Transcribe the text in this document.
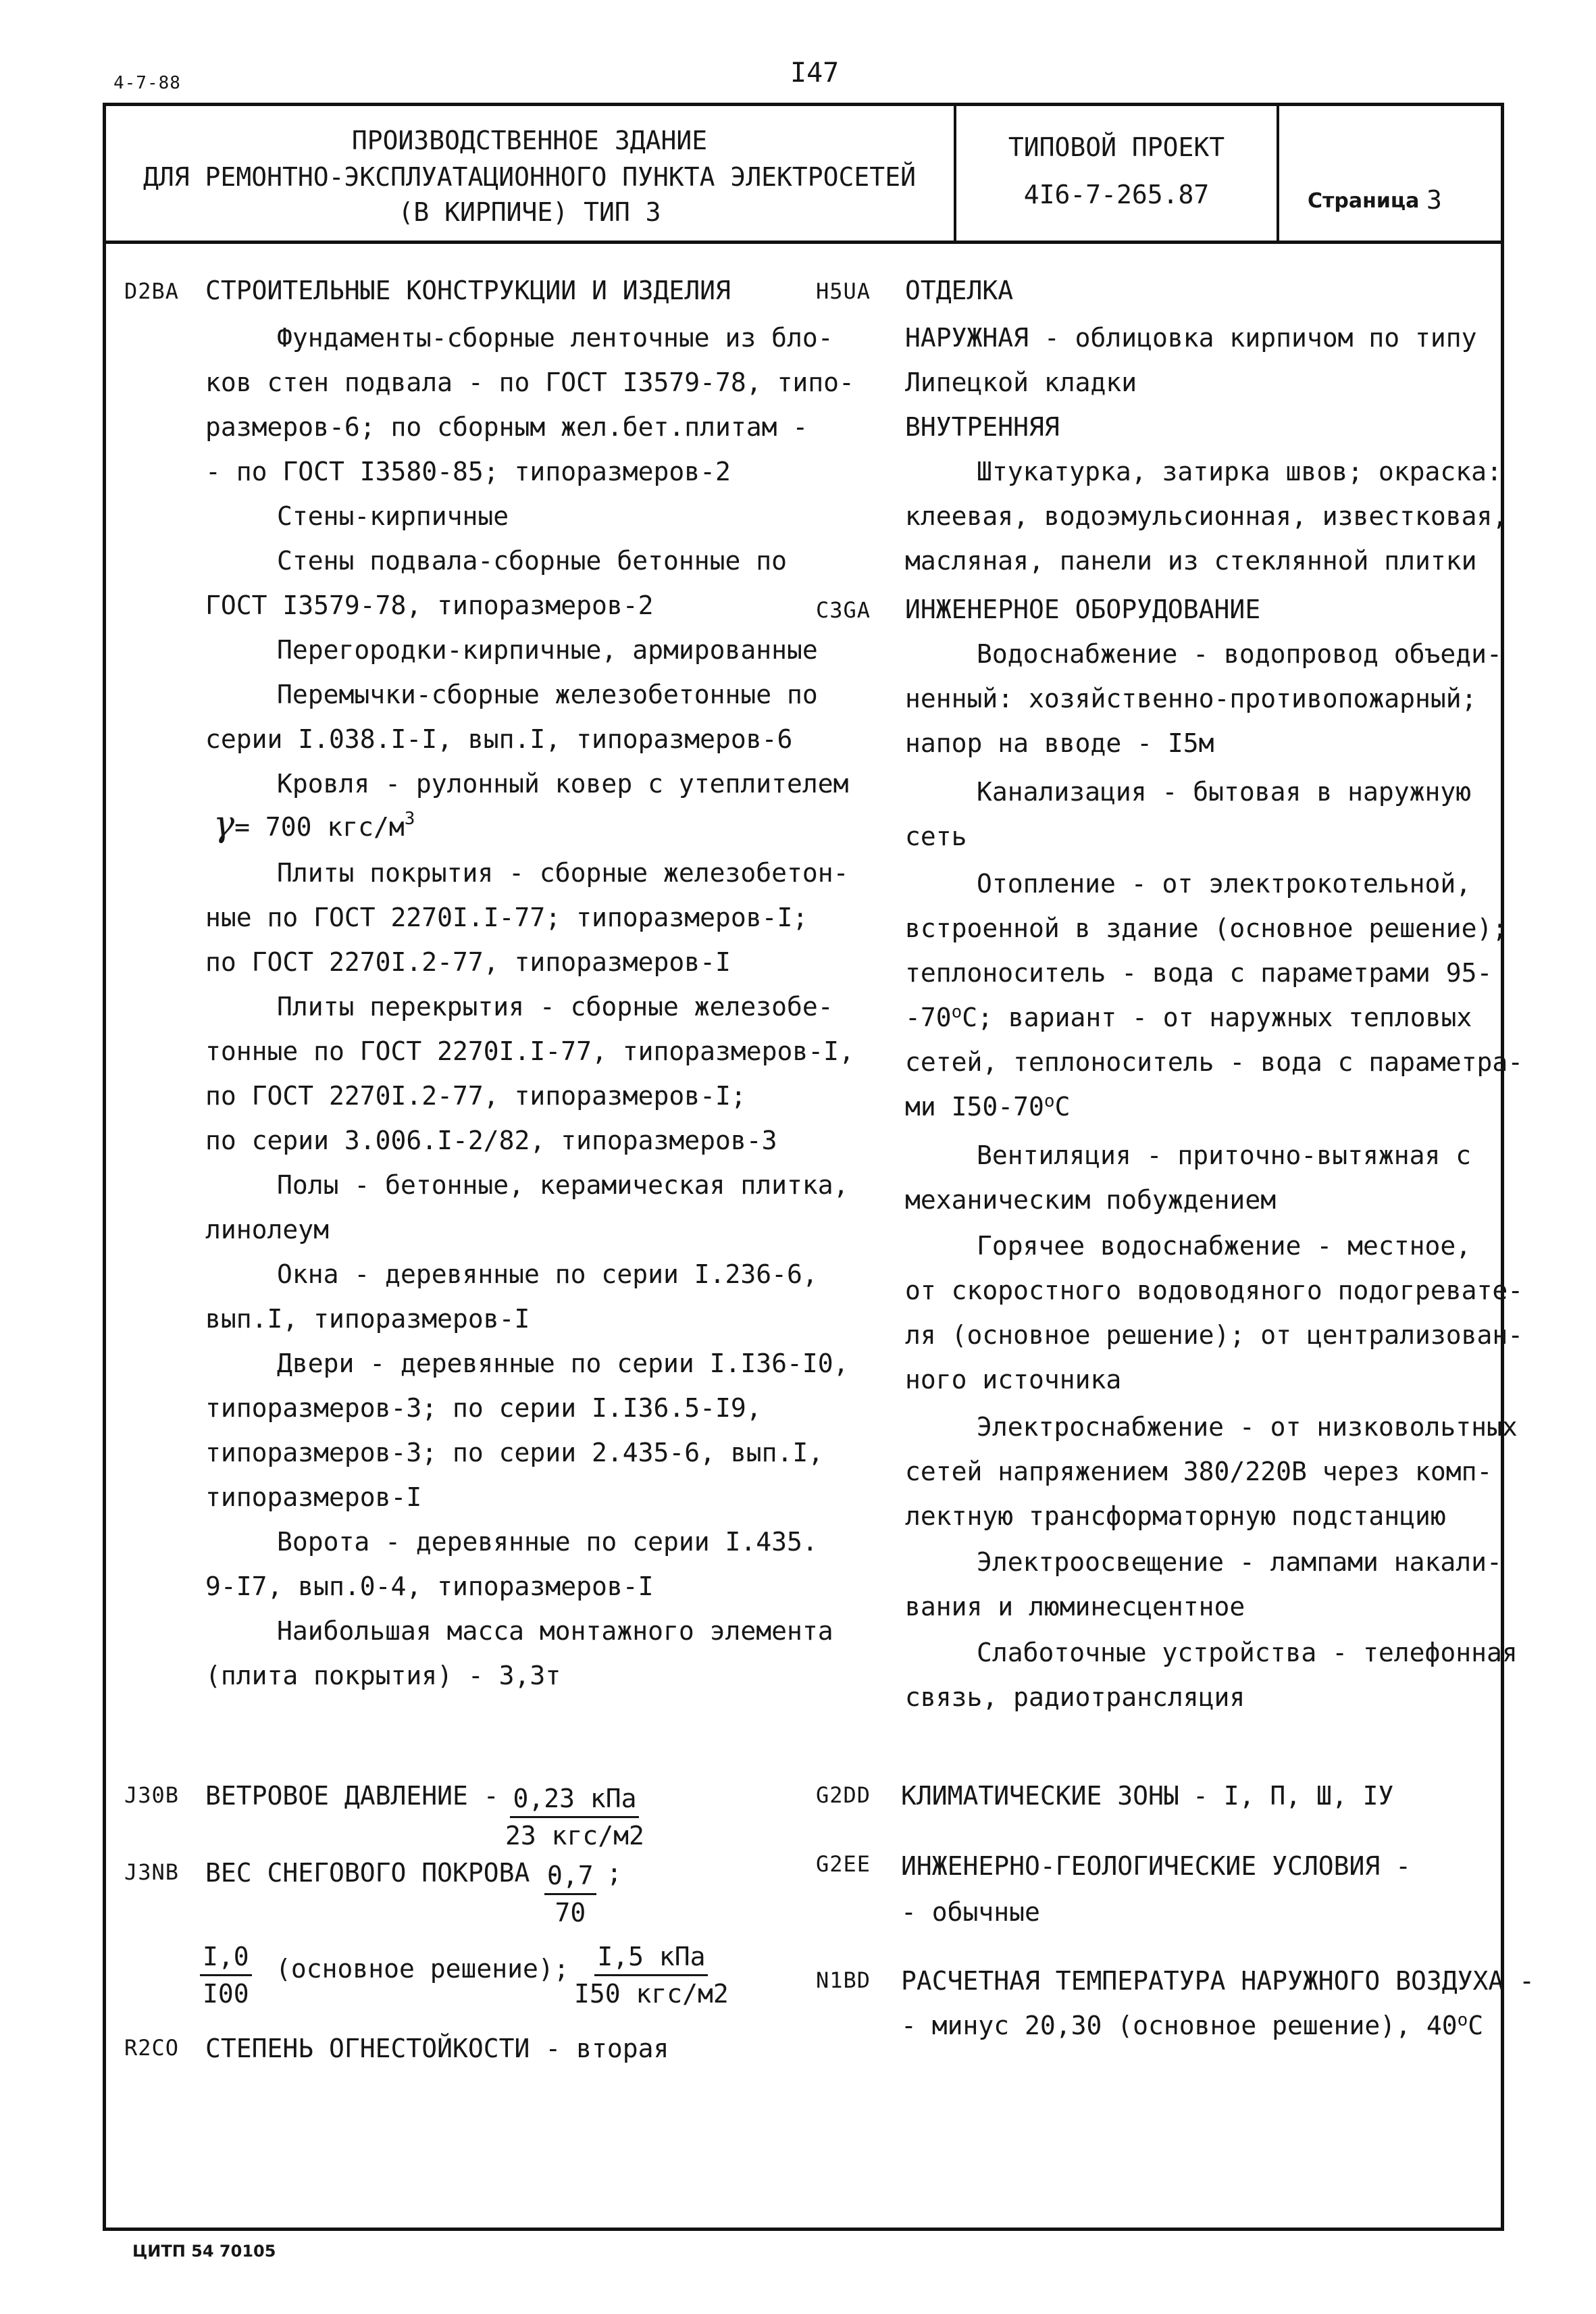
4-7-88	I47
ПРОИЗВОДСТВЕННОЕ ЗДАНИЕ
ДЛЯ РЕМОНТНО-ЭКСПЛУАТАЦИОННОГО ПУНКТА ЭЛЕКТРОСЕТЕЙ
(В КИРПИЧЕ) ТИП 3
ТИПОВОЙ ПРОЕКТ
4I6-7-265.87	Страница 3
D2BA СТРОИТЕЛЬНЫЕ КОНСТРУКЦИИ И ИЗДЕЛИЯ
Фундаменты-сборные ленточные из бло-
ков стен подвала - по ГОСТ I3579-78, типо-
размеров-6; по сборным жел.бет.плитам -
- по ГОСТ I3580-85; типоразмеров-2
Стены-кирпичные
Стены подвала-сборные бетонные по
ГОСТ I3579-78, типоразмеров-2
Перегородки-кирпичные, армированные
Перемычки-сборные железобетонные по
серии I.038.I-I, вып.I, типоразмеров-6
Кровля - рулонный ковер с утеплителем
γ= 700 кгс/$м^3$
Плиты покрытия - сборные железобетон-
ные по ГОСТ 2270I.I-77; типоразмеров-I;
по ГОСТ 2270I.2-77, типоразмеров-I
Плиты перекрытия - сборные железобе-
тонные по ГОСТ 2270I.I-77, типоразмеров-I,
по ГОСТ 2270I.2-77, типоразмеров-I;
по серии 3.006.I-2/82, типоразмеров-3
Полы - бетонные, керамическая плитка,
линолеум
Окна - деревянные по серии I.236-6,
вып.I, типоразмеров-I
Двери - деревянные по серии I.I36-I0,
типоразмеров-3; по серии I.I36.5-I9,
типоразмеров-3; по серии 2.435-6, вып.I,
типоразмеров-I
Ворота - деревянные по серии I.435.
9-I7, вып.0-4, типоразмеров-I
Наибольшая масса монтажного элемента
(плита покрытия) - 3,3т
H5UA
C3GA
ОТДЕЛКА
НАРУЖНАЯ - облицовка кирпичом по типу
Липецкой кладки
ВНУТРЕННЯЯ
Штукатурка, затирка швов; окраска:
клеевая, водоэмульсионная, известковая,
масляная, панели из стеклянной плитки
ИНЖЕНЕРНОЕ ОБОРУДОВАНИЕ
Водоснабжение - водопровод объеди-
ненный: хозяйственно-противопожарный;
напор на вводе - I5м
Канализация - бытовая в наружную
сеть
Отопление - от электрокотельной,
встроенной в здание (основное решение);
теплоноситель - вода с параметрами 95-
$-70^оС$; вариант - от наружных тепловых
сетей, теплоноситель - вода с параметра-
ми $I50-70^оС$
Вентиляция - приточно-вытяжная с
механическим побуждением
Горячее водоснабжение - местное,
от скоростного водоводяного подогревате-
ля (основное решение); от централизован-
ного источника
Электроснабжение - от низковольтных
сетей напряжением 380/220В через комп-
лектную трансформаторную подстанцию
Электроосвещение - лампами накали-
вания и люминесцентное
Слаботочные устройства - телефонная
связь, радиотрансляция
J30B ВЕТРОВОЕ ДАВЛЕНИЕ - $\frac{\text{0,23 кПа}}{\text{23 кгс/м2}}$
J3NB ВЕС СНЕГОВОГО ПОКРОВА -
$\frac{0,7}{70}$ ;
$\frac{I,0}{I00}$ (основное решение); $\frac{\text{I,5 кПа}}{\text{I50 кгс/м2}}$
R2CO СТЕПЕНЬ ОГНЕСТОЙКОСТИ - вторая
G2DD КЛИМАТИЧЕСКИЕ ЗОНЫ - I, П, Ш, IУ
G2EE ИНЖЕНЕРНО-ГЕОЛОГИЧЕСКИЕ УСЛОВИЯ -
- обычные
N1BD РАСЧЕТНАЯ ТЕМПЕРАТУРА НАРУЖНОГО ВОЗДУХА -
- минус 20,30 (основное решение), $40^оС$
ЦИТП 54 70105
